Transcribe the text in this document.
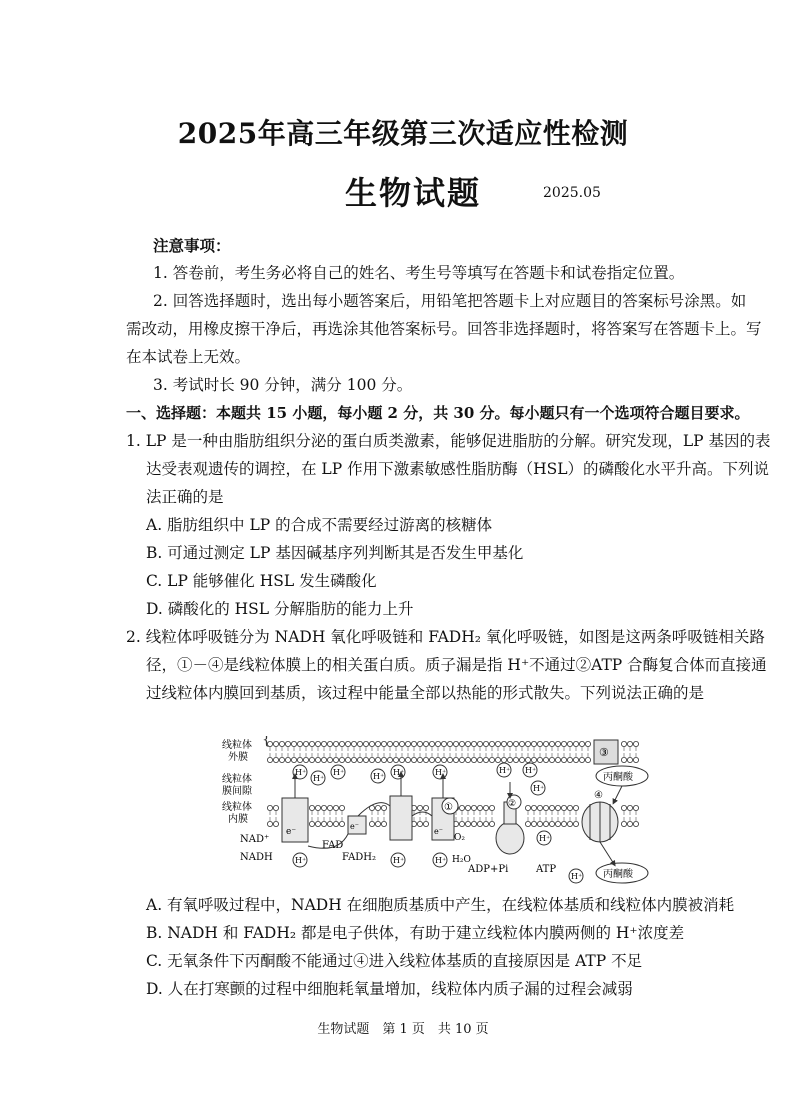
2025年高三年级第三次适应性检测
生物试题	2025.05
注意事项：
1. 答卷前，考生务必将自己的姓名、考生号等填写在答题卡和试卷指定位置。
2. 回答选择题时，选出每小题答案后，用铅笔把答题卡上对应题目的答案标号涂黑。如
需改动，用橡皮擦干净后，再选涂其他答案标号。回答非选择题时，将答案写在答题卡上。写
在本试卷上无效。
3. 考试时长 90 分钟，满分 100 分。
一、选择题：本题共 15 小题，每小题 2 分，共 30 分。每小题只有一个选项符合题目要求。
1. LP 是一种由脂肪组织分泌的蛋白质类激素，能够促进脂肪的分解。研究发现，LP 基因的表
达受表观遗传的调控，在 LP 作用下激素敏感性脂肪酶（HSL）的磷酸化水平升高。下列说
法正确的是
A. 脂肪组织中 LP 的合成不需要经过游离的核糖体
B. 可通过测定 LP 基因碱基序列判断其是否发生甲基化
C. LP 能够催化 HSL 发生磷酸化
D. 磷酸化的 HSL 分解脂肪的能力上升
2. 线粒体呼吸链分为 NADH 氧化呼吸链和 FADH₂ 氧化呼吸链，如图是这两条呼吸链相关路
径，①－④是线粒体膜上的相关蛋白质。质子漏是指 H⁺不通过②ATP 合酶复合体而直接通
过线粒体内膜回到基质，该过程中能量全部以热能的形式散失。下列说法正确的是
线粒体
外膜
线粒体
膜间隙
线粒体
内膜
{
③
丙酮酸
丙酮酸
e⁻
NAD⁺
NADH
e⁻
FAD
FADH₂
e⁻
O₂
H₂O
①	②
ADP+Pi	ATP
④
H⁺
H⁺
H⁺	H⁺ H⁺	H⁺	H⁺ H⁺
H⁺
H⁺	H⁺	H⁺
H⁺
H⁺
A. 有氧呼吸过程中，NADH 在细胞质基质中产生，在线粒体基质和线粒体内膜被消耗
B. NADH 和 FADH₂ 都是电子供体，有助于建立线粒体内膜两侧的 H⁺浓度差
C. 无氧条件下丙酮酸不能通过④进入线粒体基质的直接原因是 ATP 不足
D. 人在打寒颤的过程中细胞耗氧量增加，线粒体内质子漏的过程会减弱
生物试题　第 1 页　共 10 页
